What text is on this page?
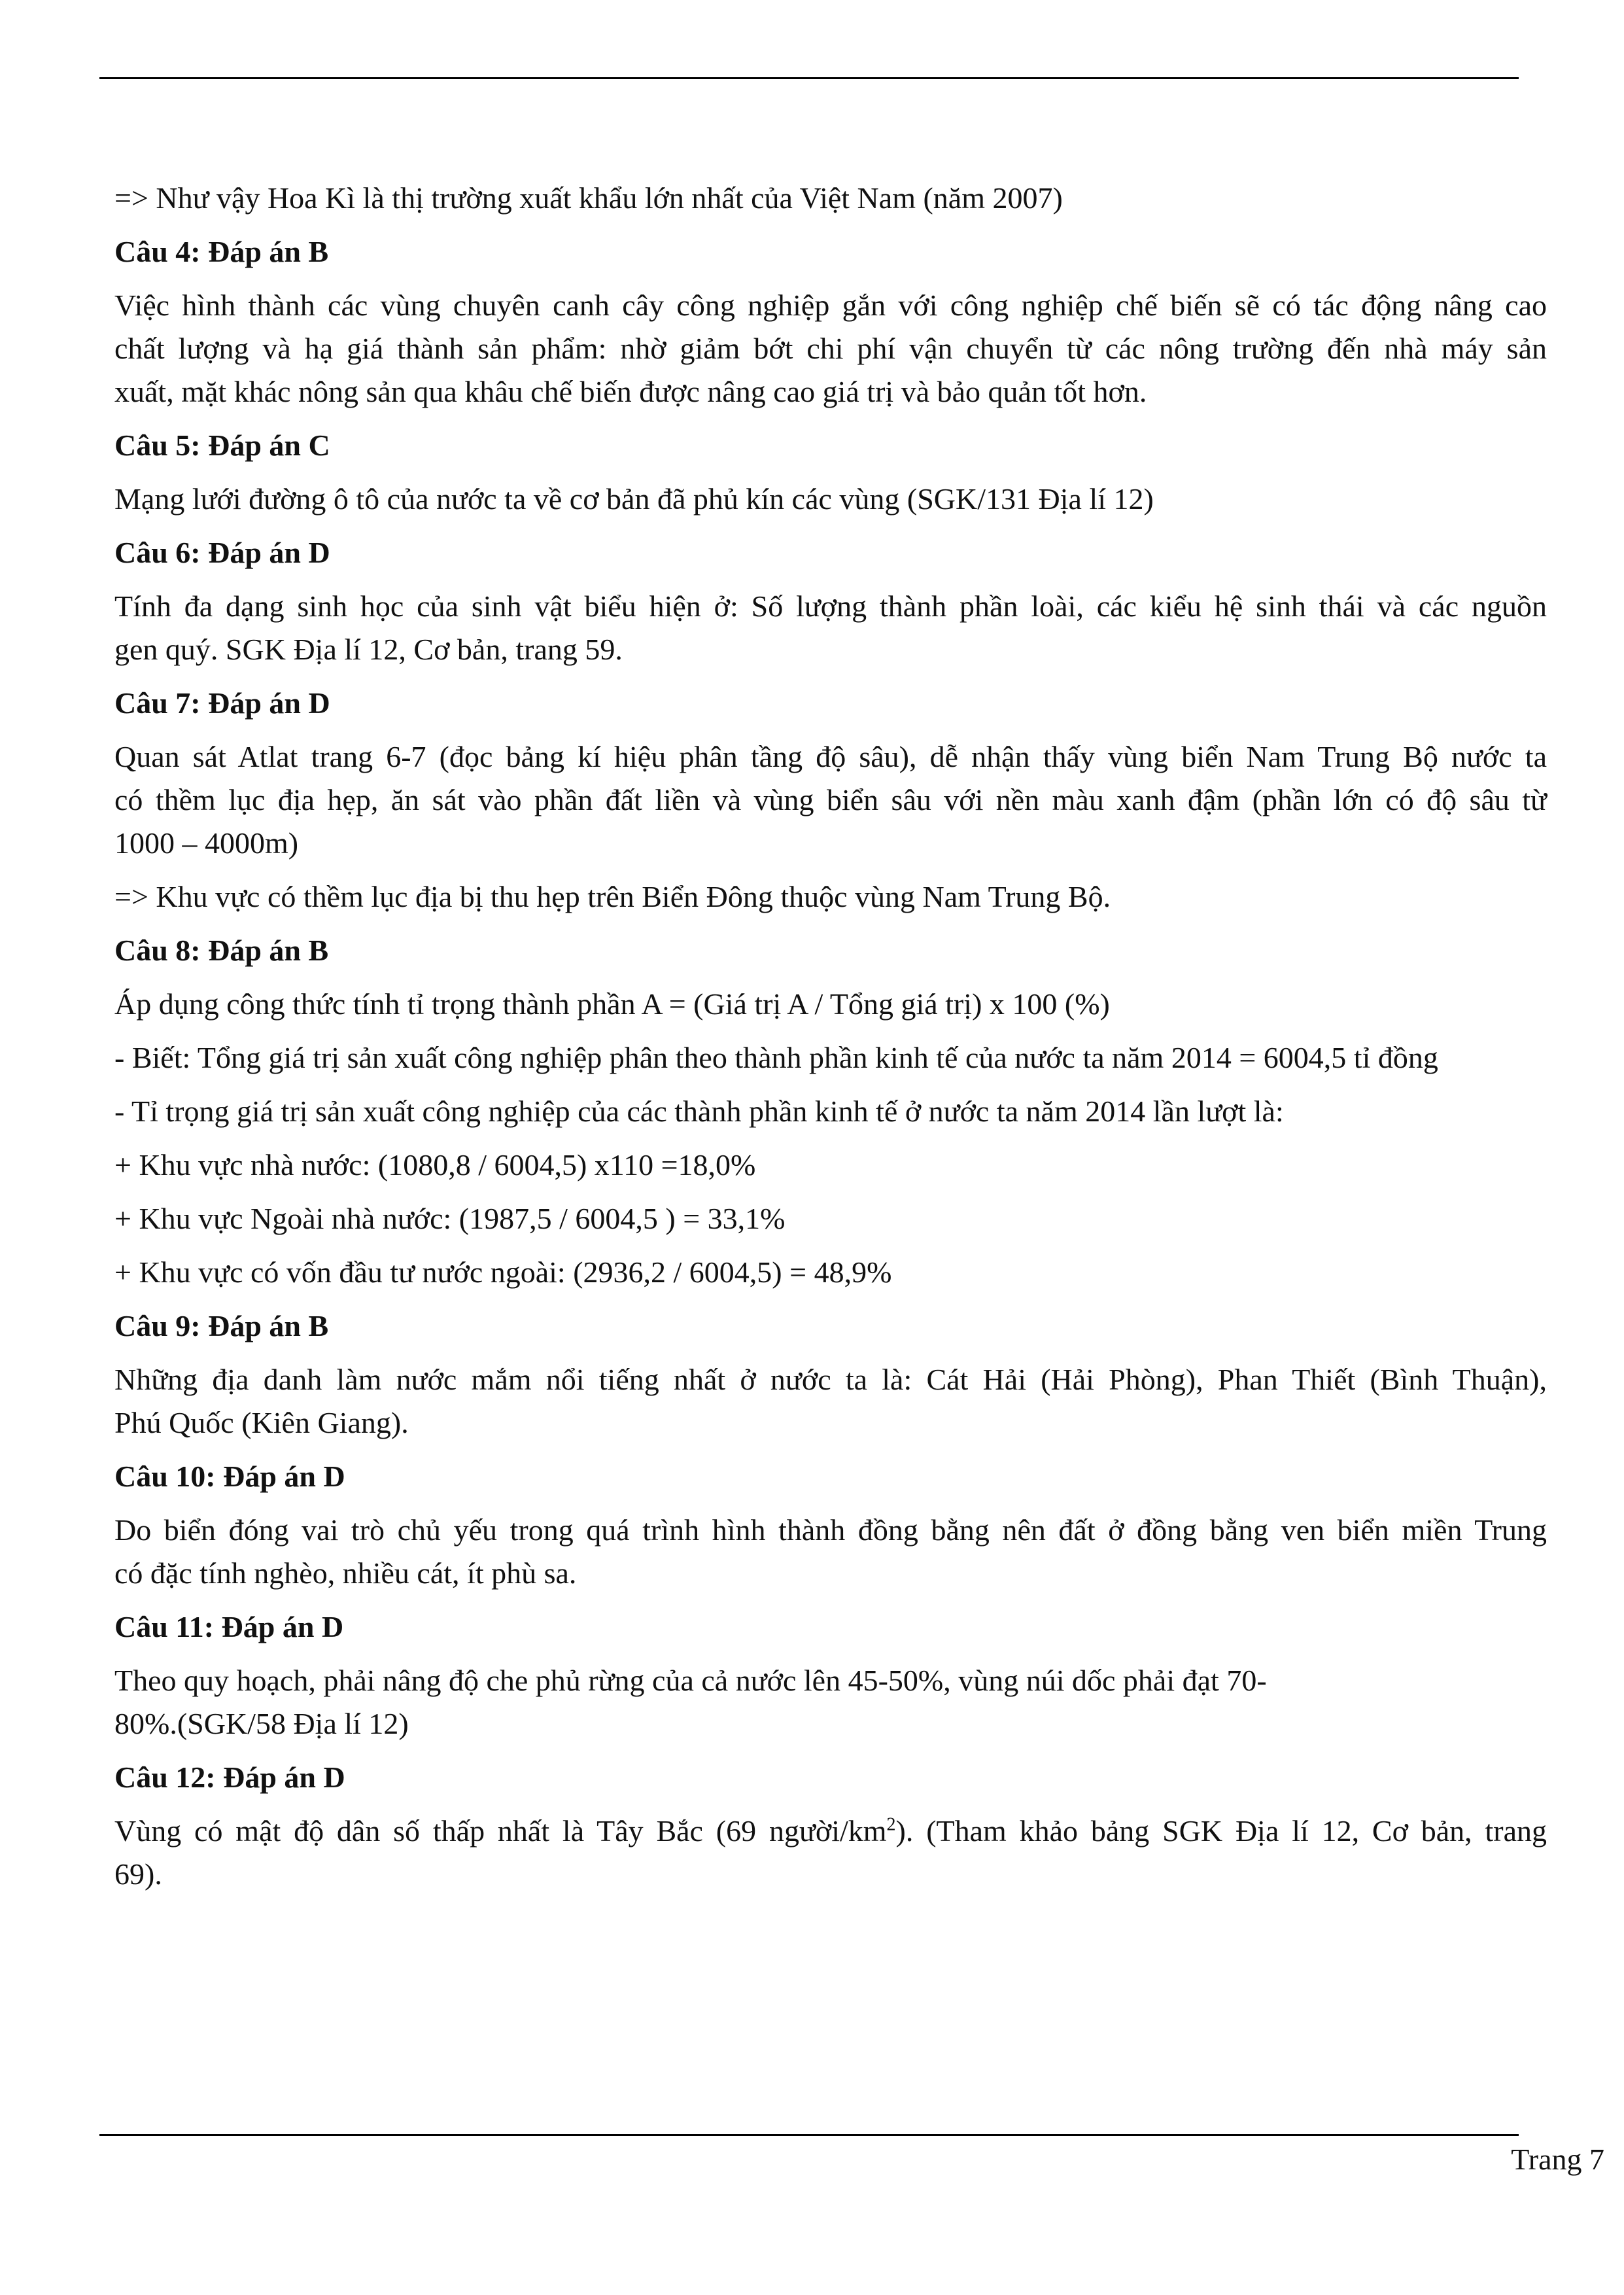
=> Như vậy Hoa Kì là thị trường xuất khẩu lớn nhất của Việt Nam (năm 2007)
Câu 4: Đáp án B
Việc hình thành các vùng chuyên canh cây công nghiệp gắn với công nghiệp chế biến sẽ có tác động nâng cao
chất lượng và hạ giá thành sản phẩm: nhờ giảm bớt chi phí vận chuyển từ các nông trường đến nhà máy sản
xuất, mặt khác nông sản qua khâu chế biến được nâng cao giá trị và bảo quản tốt hơn.
Câu 5: Đáp án C
Mạng lưới đường ô tô của nước ta về cơ bản đã phủ kín các vùng (SGK/131 Địa lí 12)
Câu 6: Đáp án D
Tính đa dạng sinh học của sinh vật biểu hiện ở: Số lượng thành phần loài, các kiểu hệ sinh thái và các nguồn
gen quý. SGK Địa lí 12, Cơ bản, trang 59.
Câu 7: Đáp án D
Quan sát Atlat trang 6-7 (đọc bảng kí hiệu phân tầng độ sâu), dễ nhận thấy vùng biển Nam Trung Bộ nước ta
có thềm lục địa hẹp, ăn sát vào phần đất liền và vùng biển sâu với nền màu xanh đậm (phần lớn có độ sâu từ
1000 – 4000m)
=> Khu vực có thềm lục địa bị thu hẹp trên Biển Đông thuộc vùng Nam Trung Bộ.
Câu 8: Đáp án B
Áp dụng công thức tính tỉ trọng thành phần A = (Giá trị A / Tổng giá trị) x 100 (%)
- Biết: Tổng giá trị sản xuất công nghiệp phân theo thành phần kinh tế của nước ta năm 2014 = 6004,5 tỉ đồng
- Tỉ trọng giá trị sản xuất công nghiệp của các thành phần kinh tế ở nước ta năm 2014 lần lượt là:
+ Khu vực nhà nước: (1080,8 / 6004,5) x110 =18,0%
+ Khu vực Ngoài nhà nước: (1987,5 / 6004,5 ) = 33,1%
+ Khu vực có vốn đầu tư nước ngoài: (2936,2 / 6004,5) = 48,9%
Câu 9: Đáp án B
Những địa danh làm nước mắm nổi tiếng nhất ở nước ta là: Cát Hải (Hải Phòng), Phan Thiết (Bình Thuận),
Phú Quốc (Kiên Giang).
Câu 10: Đáp án D
Do biển đóng vai trò chủ yếu trong quá trình hình thành đồng bằng nên đất ở đồng bằng ven biển miền Trung
có đặc tính nghèo, nhiều cát, ít phù sa.
Câu 11: Đáp án D
Theo quy hoạch, phải nâng độ che phủ rừng của cả nước lên 45-50%, vùng núi dốc phải đạt 70-
80%.(SGK/58 Địa lí 12)
Câu 12: Đáp án D
Vùng có mật độ dân số thấp nhất là Tây Bắc (69 người/$km^2$). (Tham khảo bảng SGK Địa lí 12, Cơ bản, trang
69).
Trang 7
